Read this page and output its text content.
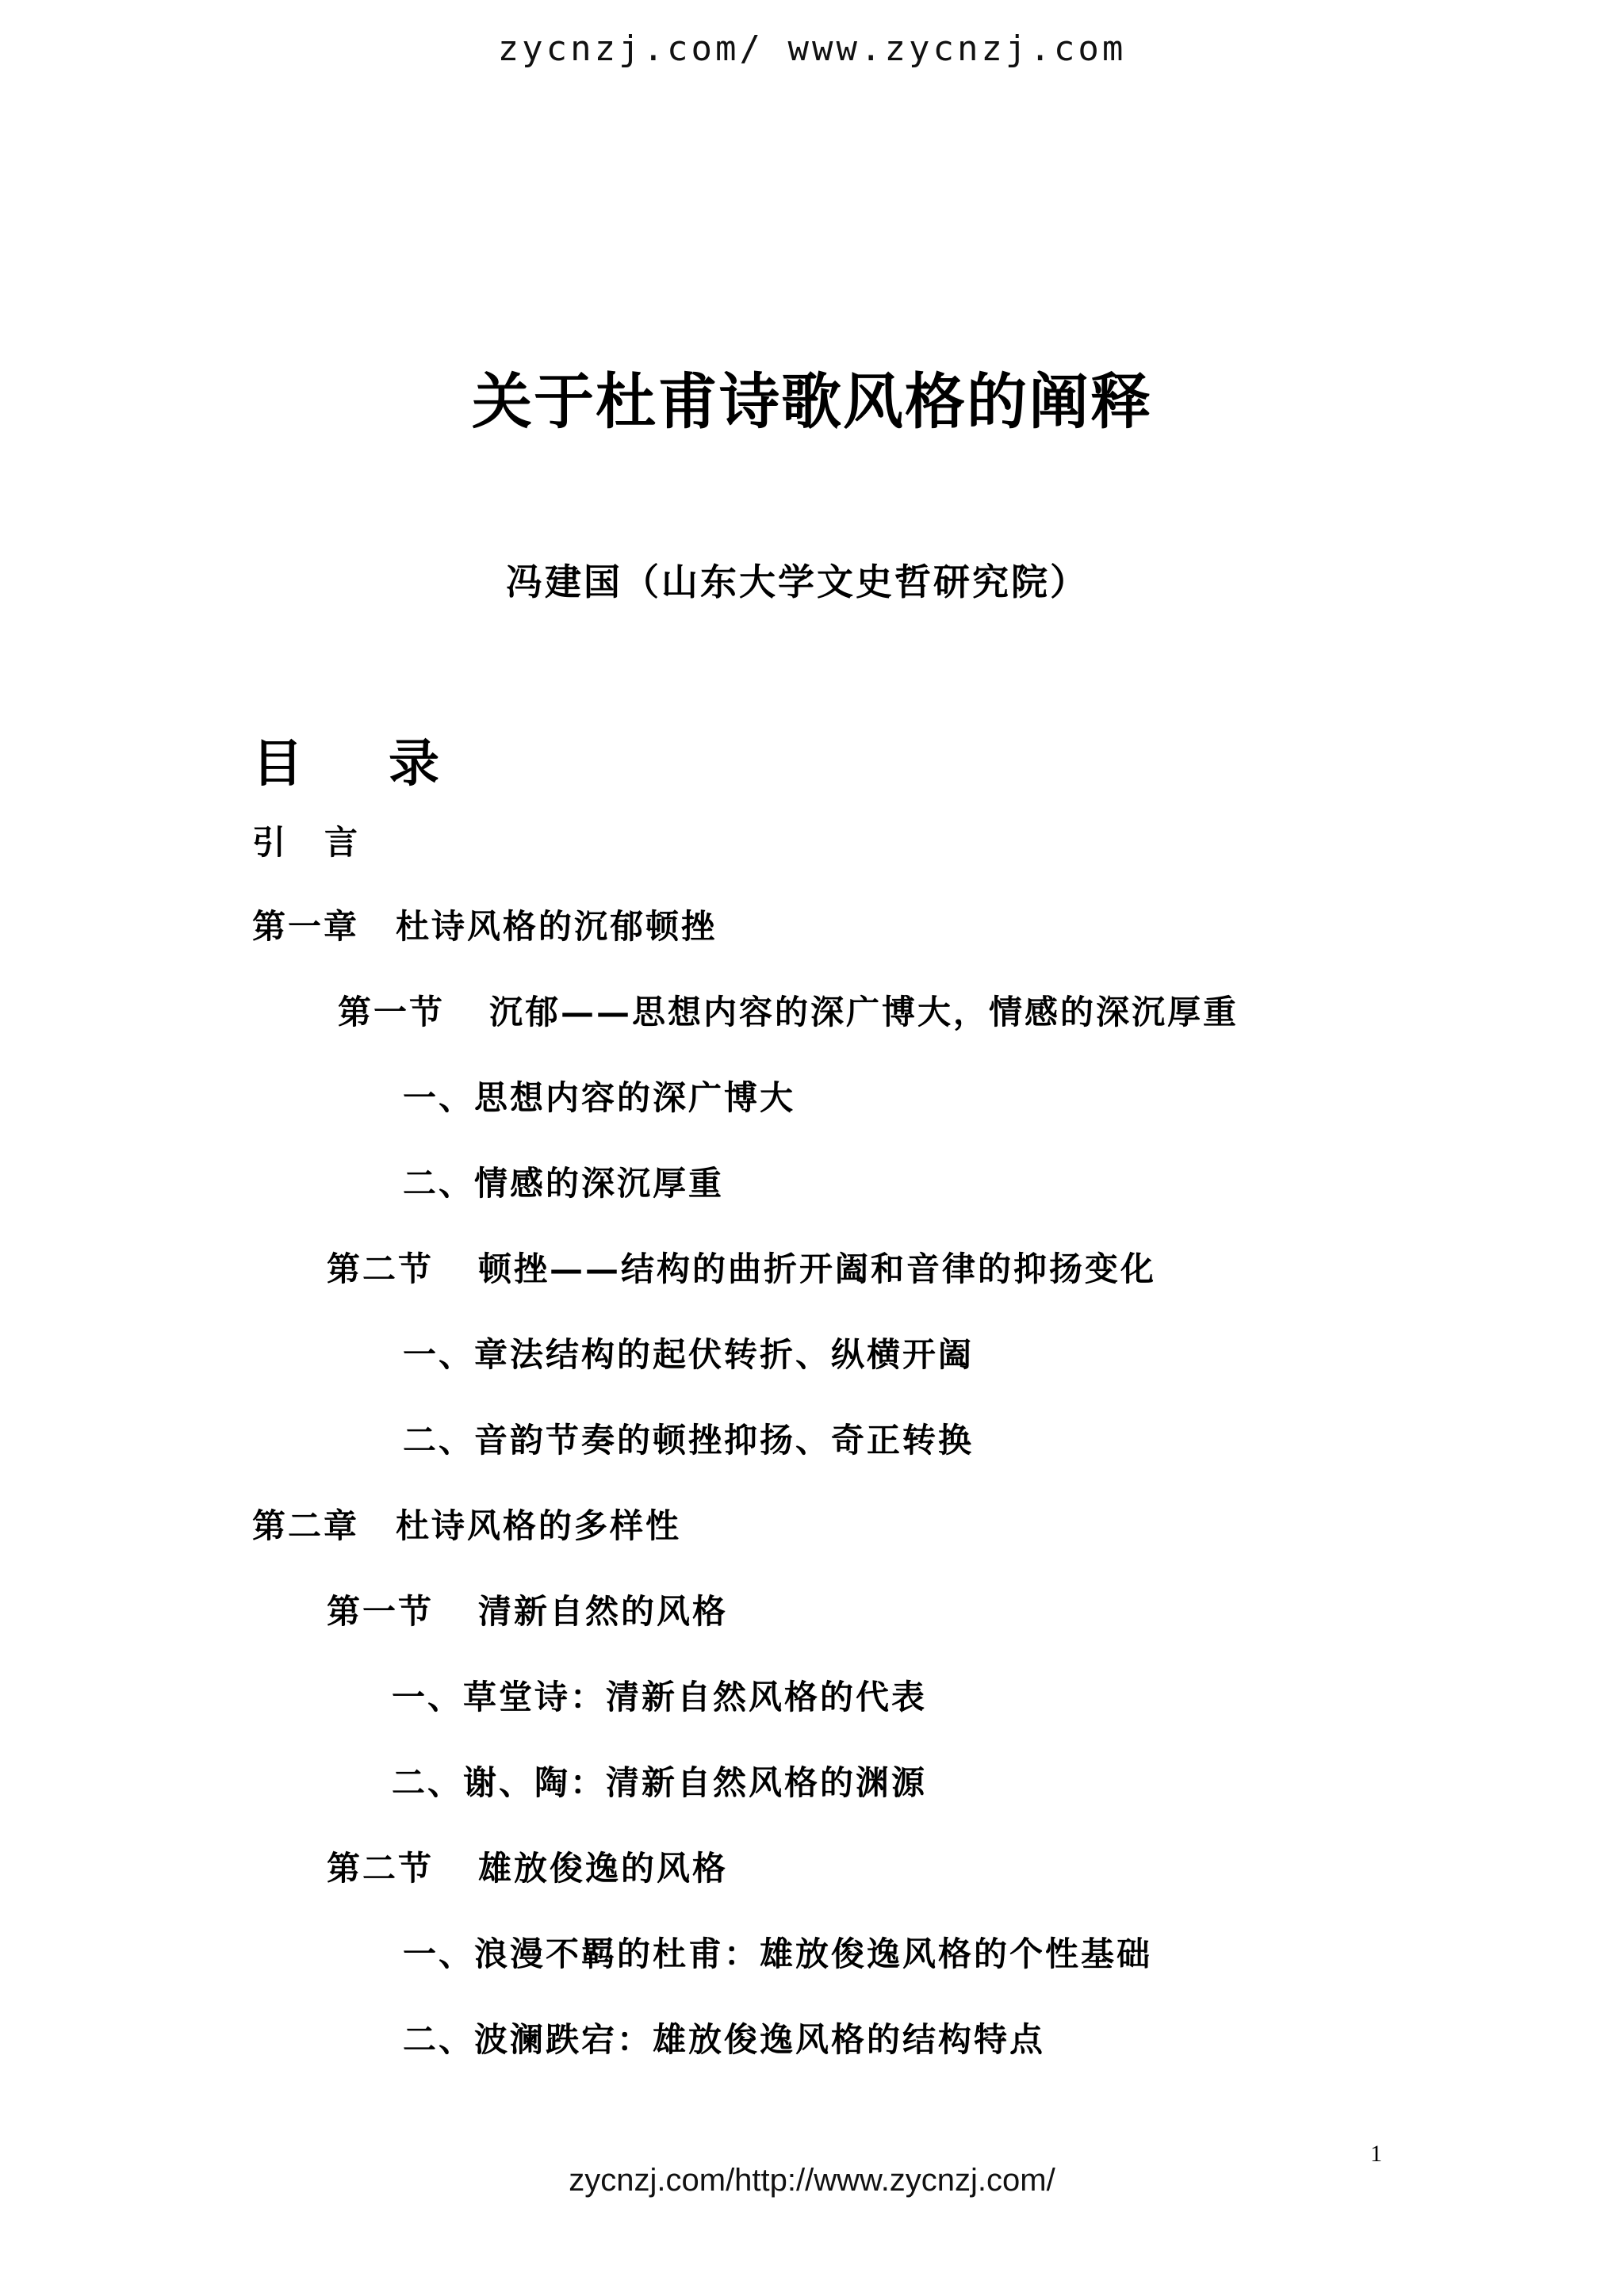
zycnzj.com/ www.zycnzj.com
关于杜甫诗歌风格的阐释
冯建国（山东大学文史哲研究院）
目 录
引 言
第一章 杜诗风格的沉郁顿挫
第一节 沉郁——思想内容的深广博大，情感的深沉厚重
一、思想内容的深广博大
二、情感的深沉厚重
第二节 顿挫——结构的曲折开阖和音律的抑扬变化
一、章法结构的起伏转折、纵横开阖
二、音韵节奏的顿挫抑扬、奇正转换
第二章 杜诗风格的多样性
第一节 清新自然的风格
一、草堂诗：清新自然风格的代表
二、谢、陶：清新自然风格的渊源
第二节 雄放俊逸的风格
一、浪漫不羁的杜甫：雄放俊逸风格的个性基础
二、波澜跌宕：雄放俊逸风格的结构特点
1
zycnzj.com/http://www.zycnzj.com/
